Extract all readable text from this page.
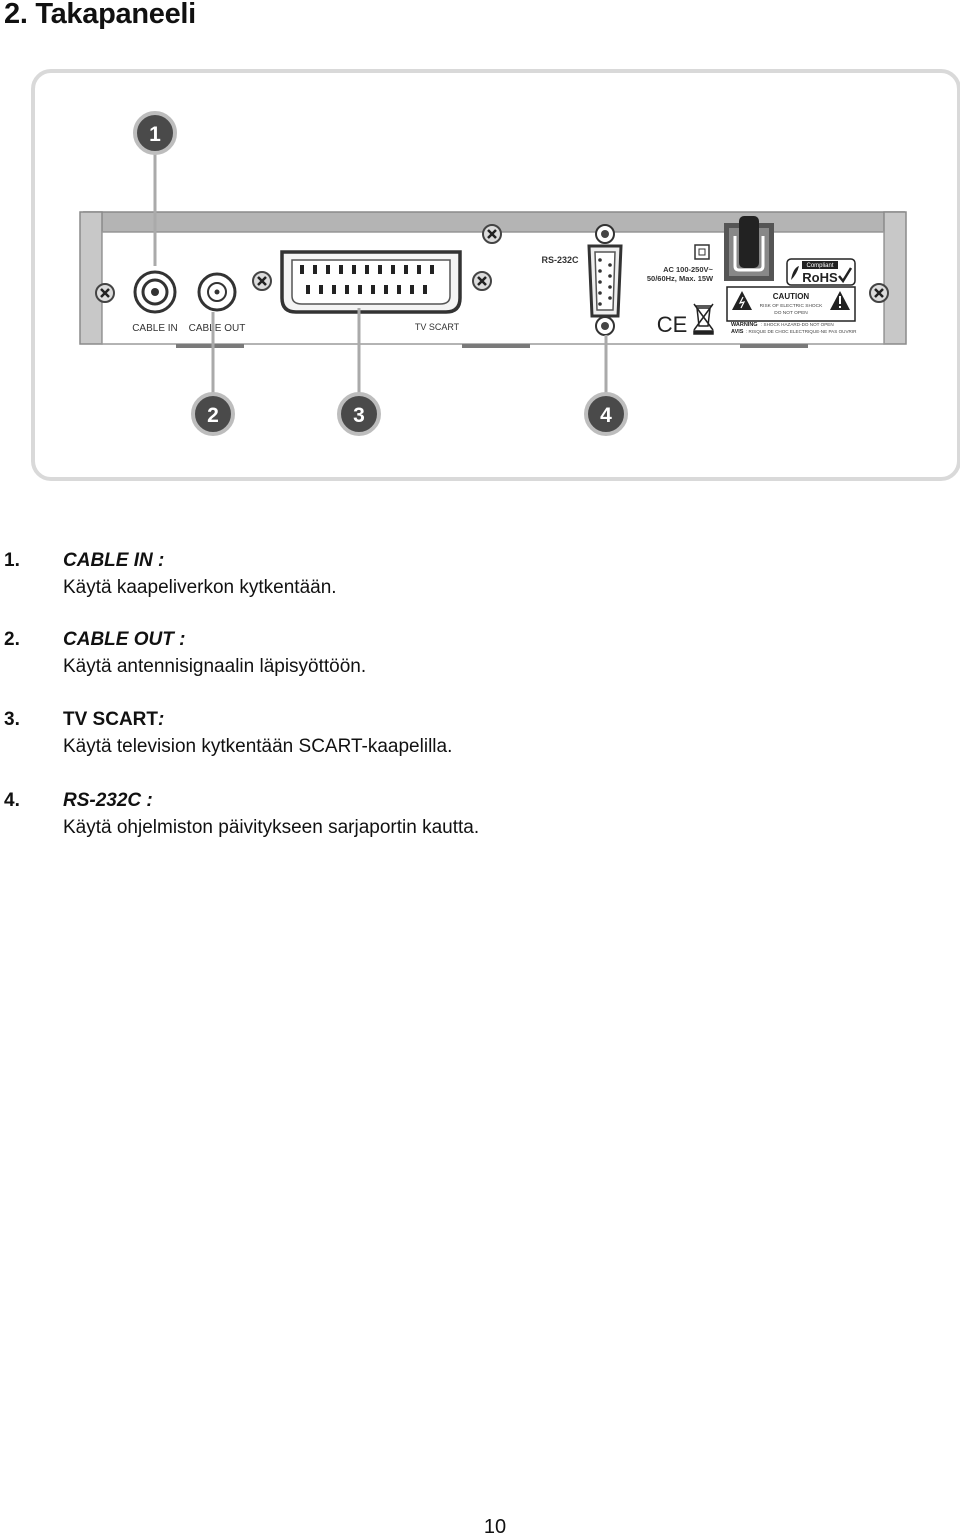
2. Takapaneeli
CABLE IN CABLE OUT	TV SCART
RS-232C
AC 100-250V~
50/60Hz, Max. 15W
Compliant
RoHS
CAUTION
RISK OF ELECTRIC SHOCK
DO NOT OPEN
WARNING : SHOCK HAZARD-DO NOT OPEN
AVIS : RISQUE DE CHOC ELECTRIQUE-NE PAS OUVRIR
CE
1
2	3	4
1. CABLE IN :
Käytä kaapeliverkon kytkentään.
2. CABLE OUT :
Käytä antennisignaalin läpisyöttöön.
3. TV SCART:
Käytä television kytkentään SCART-kaapelilla.
4. RS-232C :
Käytä ohjelmiston päivitykseen sarjaportin kautta.
10
